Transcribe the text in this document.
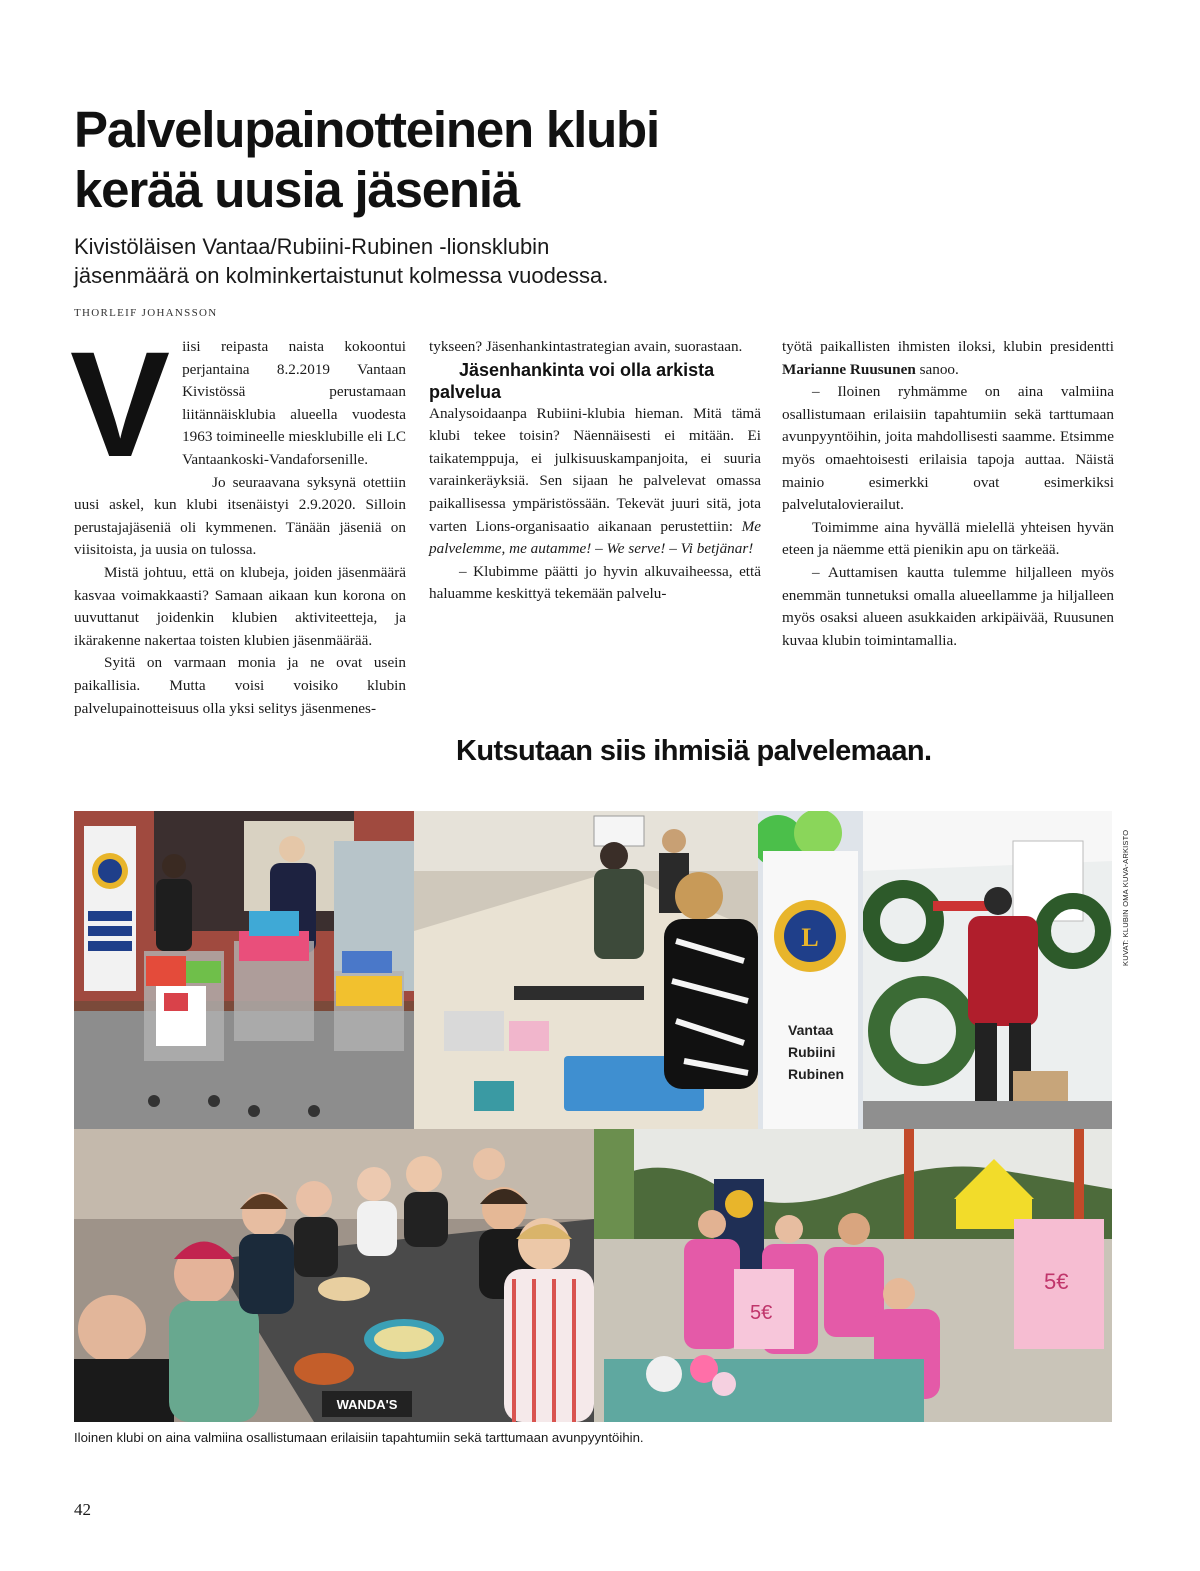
Palvelupainotteinen klubi
kerää uusia jäseniä

Kivistöläisen Vantaa/Rubiini-Rubinen -lionsklubin
jäsenmäärä on kolminkertaistunut kolmessa vuodessa.

THORLEIF JOHANSSON

Viisi reipasta naista kokoontui perjantaina 8.2.2019 Vantaan Kivistössä perustamaan liitännäisklubia alueella vuodesta 1963 toimineelle miesklubille eli LC Vantaankoski-Vandaforsenille.

Jo seuraavana syksynä otettiin uusi askel, kun klubi itsenäistyi 2.9.2020. Silloin perustajajäseniä oli kymmenen. Tänään jäseniä on viisitoista, ja uusia on tulossa.

Mistä johtuu, että on klubeja, joiden jäsenmäärä kasvaa voimakkaasti? Samaan aikaan kun korona on uuvuttanut joidenkin klubien aktiviteetteja, ja ikärakenne nakertaa toisten klubien jäsenmäärää.

Syitä on varmaan monia ja ne ovat usein paikallisia. Mutta voisi voisiko klubin palvelupainotteisuus olla yksi selitys jäsenmenes-

tykseen? Jäsenhankintastrategian avain, suorastaan.

Jäsenhankinta voi olla arkista palvelua

Analysoidaanpa Rubiini-klubia hieman. Mitä tämä klubi tekee toisin? Näennäisesti ei mitään. Ei taikatemppuja, ei julkisuuskampanjoita, ei suuria varainkeräyksiä. Sen sijaan he palvelevat omassa paikallisessa ympäristössään. Tekevät juuri sitä, jota varten Lions-organisaatio aikanaan perustettiin: Me palvelemme, me autamme! – We serve! – Vi betjänar!

– Klubimme päätti jo hyvin alkuvaiheessa, että haluamme keskittyä tekemään palvelu-

työtä paikallisten ihmisten iloksi, klubin presidentti Marianne Ruusunen sanoo.

– Iloinen ryhmämme on aina valmiina osallistumaan erilaisiin tapahtumiin sekä tarttumaan avunpyyntöihin, joita mahdollisesti saamme. Etsimme myös omaehtoisesti erilaisia tapoja auttaa. Näistä mainio esimerkki ovat esimerkiksi palvelutalovierailut.

Toimimme aina hyvällä mielellä yhteisen hyvän eteen ja näemme että pienikin apu on tärkeää.

– Auttamisen kautta tulemme hiljalleen myös enemmän tunnetuksi omalla alueellamme ja hiljalleen myös osaksi alueen asukkaiden arkipäivää, Ruusunen kuvaa klubin toimintamallia.

Kutsutaan siis ihmisiä palvelemaan.
KUVAT: KLUBIN OMA KUVA-ARKISTO
L
Vantaa
Rubiini
Rubinen
WANDA'S
5€
5€
Iloinen klubi on aina valmiina osallistumaan erilaisiin tapahtumiin sekä tarttumaan avunpyyntöihin.
42
